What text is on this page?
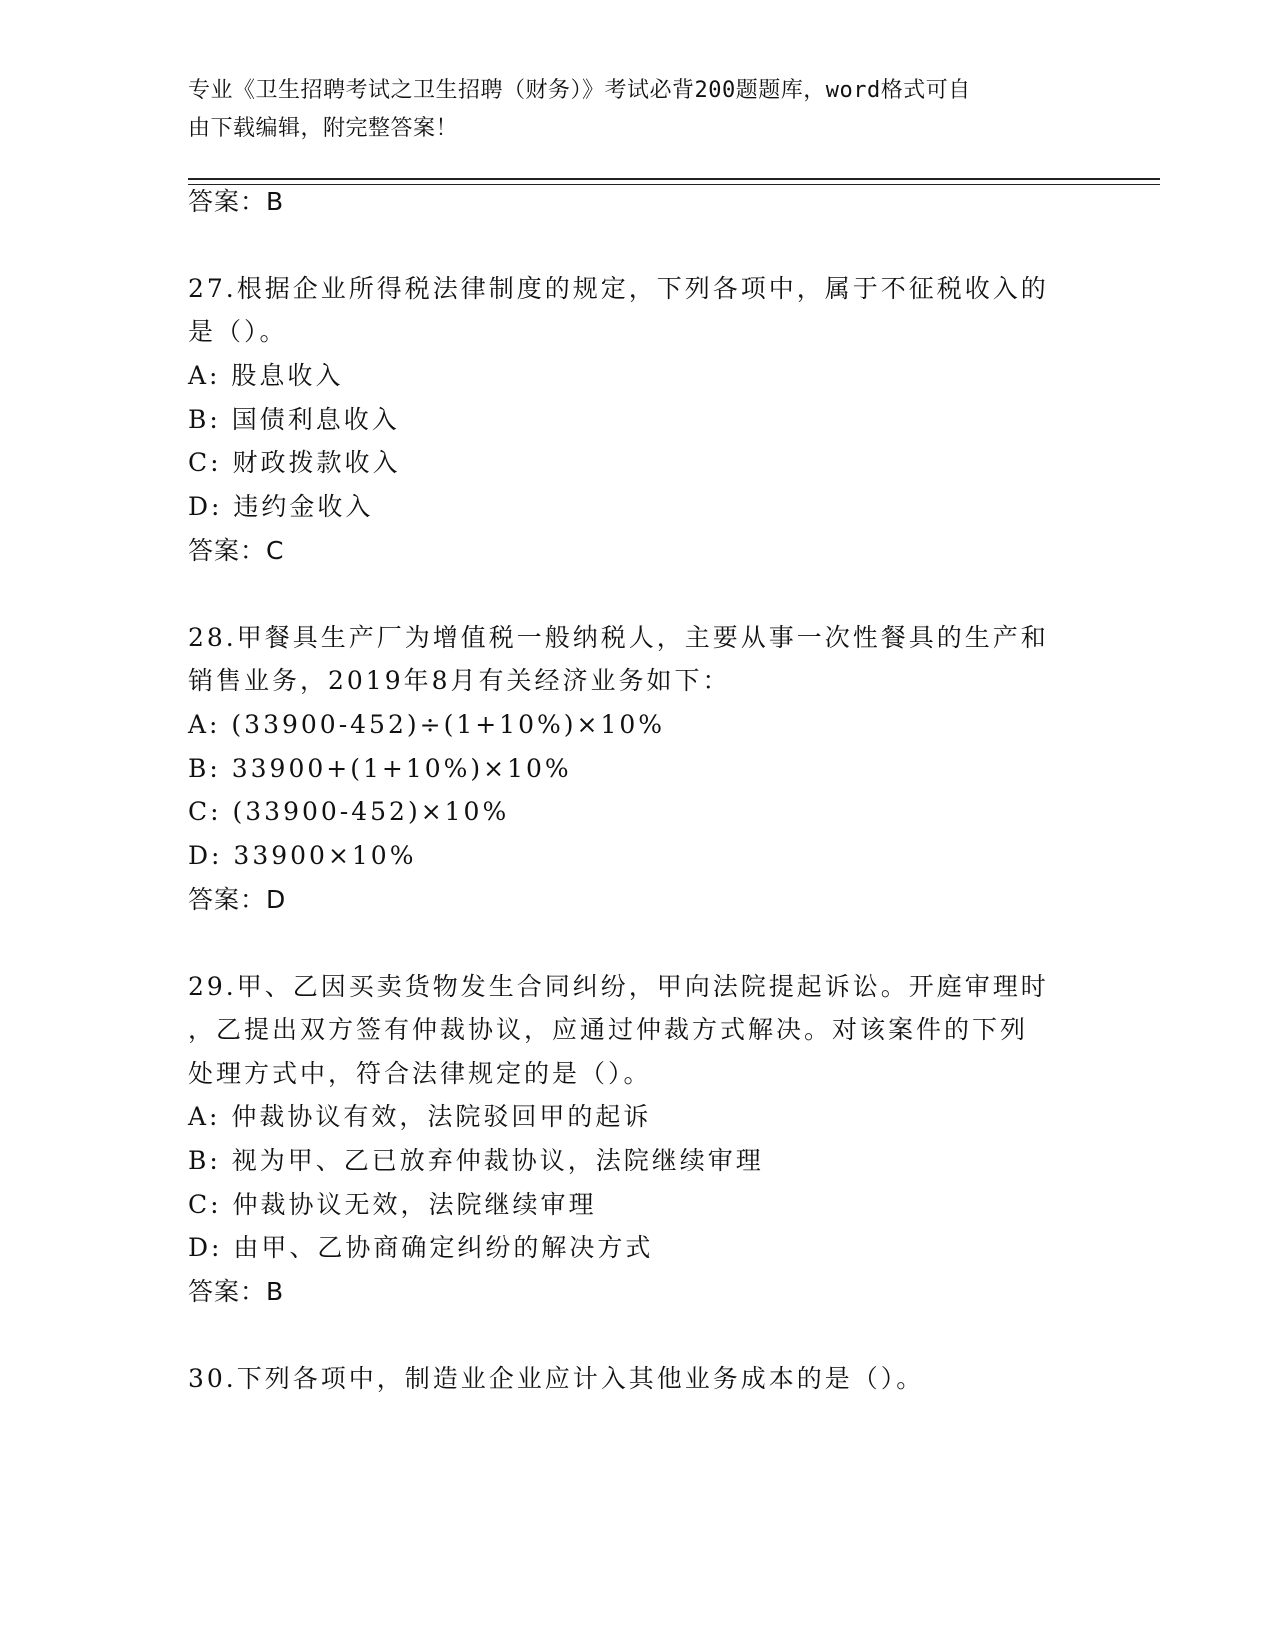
专业《卫生招聘考试之卫生招聘（财务）》考试必背200题题库，word格式可自
由下载编辑，附完整答案！
答案：B
27.根据企业所得税法律制度的规定，下列各项中，属于不征税收入的
是（）。
A: 股息收入
B: 国债利息收入
C: 财政拨款收入
D: 违约金收入
答案：C
28.甲餐具生产厂为增值税一般纳税人，主要从事一次性餐具的生产和
销售业务，2019年8月有关经济业务如下：
A: (33900-452)÷(1+10%)×10%
B: 33900+(1+10%)×10%
C: (33900-452)×10%
D: 33900×10%
答案：D
29.甲、乙因买卖货物发生合同纠纷，甲向法院提起诉讼。开庭审理时
，乙提出双方签有仲裁协议，应通过仲裁方式解决。对该案件的下列
处理方式中，符合法律规定的是（）。
A: 仲裁协议有效，法院驳回甲的起诉
B: 视为甲、乙已放弃仲裁协议，法院继续审理
C: 仲裁协议无效，法院继续审理
D: 由甲、乙协商确定纠纷的解决方式
答案：B
30.下列各项中，制造业企业应计入其他业务成本的是（）。
